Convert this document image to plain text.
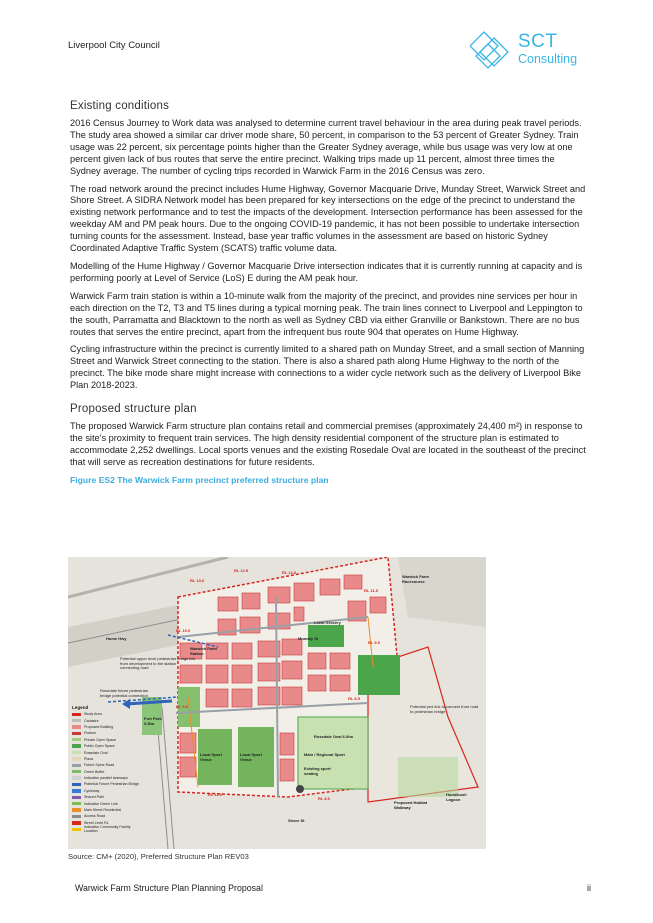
Liverpool City Council	SCT
Consulting
Existing conditions

2016 Census Journey to Work data was analysed to determine current travel behaviour in the area during peak travel periods. The study area showed a similar car driver mode share, 50 percent, in comparison to the 53 percent of Greater Sydney. Train usage was 22 percent, six percentage points higher than the Greater Sydney average, while bus usage was very low at one percent given lack of bus routes that serve the entire precinct. Walking trips made up 11 percent, almost three times the Sydney average. The number of cycling trips recorded in Warwick Farm in the 2016 Census was zero.

The road network around the precinct includes Hume Highway, Governor Macquarie Drive, Munday Street, Warwick Street and Shore Street. A SIDRA Network model has been prepared for key intersections on the edge of the precinct to understand the existing network performance and to test the impacts of the development. Intersection performance has been assessed for the weekday AM and PM peak hours. Due to the ongoing COVID-19 pandemic, it has not been possible to undertake intersection turning counts for the assessment. Instead, base year traffic volumes in the assessment are based on historic Sydney Coordinated Adaptive Traffic System (SCATS) traffic volume data.

Modelling of the Hume Highway / Governor Macquarie Drive intersection indicates that it is currently running at capacity and is performing poorly at Level of Service (LoS) E during the AM peak hour.

Warwick Farm train station is within a 10-minute walk from the majority of the precinct, and provides nine services per hour in each direction on the T2, T3 and T5 lines during a typical morning peak. The train lines connect to Liverpool and Leppington to the south, Parramatta and Blacktown to the north as well as Sydney CBD via either Granville or Bankstown. There are no bus routes that serves the entire precinct, apart from the infrequent bus route 904 that operates on Hume Highway.

Cycling infrastructure within the precinct is currently limited to a shared path on Munday Street, and a small section of Manning Street and Warwick Street connecting to the station. There is also a shared path along Hume Highway to the north of the precinct. The bike mode share might increase with connections to a wider cycle network such as the delivery of Liverpool Bike Plan 2018-2023.

Proposed structure plan

The proposed Warwick Farm structure plan contains retail and commercial premises (approximately 24,400 m²) in response to the site’s proximity to frequent train services. The high density residential component of the structure plan is estimated to accommodate 2,252 dwellings. Local sports venues and the existing Rosedale Oval are located in the southeast of the precinct that will serve as recreation destinations for future residents.

Figure ES2 The Warwick Farm precinct preferred structure plan
Warwick Farm Racecourse
Warwick Farm Station
Hume Hwy	Munday St
Shore St
Local Sport Venue
Local Sport Venue
Rosedale Oval 6.0ha
Main / Regional Sport
Existing sport seating
Fort Park 0.5ha
Homebush Lagoon
Proposed Habitat Walkway
Potential upper level pedestrian bridge link from development to the station connecting road
Potential ped link to connect from road to pedestrian bridge
Rosedale future pedestrian bridge potential connection
Local Grocery
RL 12.5
RL 13.0
RL 12.0
RL 11.5
RL 10.0
RL 9.5
RL 9.0
RL 8.5
RL 12.0
RL 8.0
Legend
Study Area
Cadastre
Proposed Building
Podium
Private Open Space
Public Open Space
Rosedale Oval
Plaza
Future Spine Road
Green Buffer
Indicative parallel laneways
Potential Future Pedestrian Bridge
Cycleway
Shared Path
Indicative Green Link
Main Street Residential
Access Road
Street Level RL
Indicative Community Facility Location
Source: CM+ (2020), Preferred Structure Plan REV03
Warwick Farm Structure Plan Planning Proposal	ii
